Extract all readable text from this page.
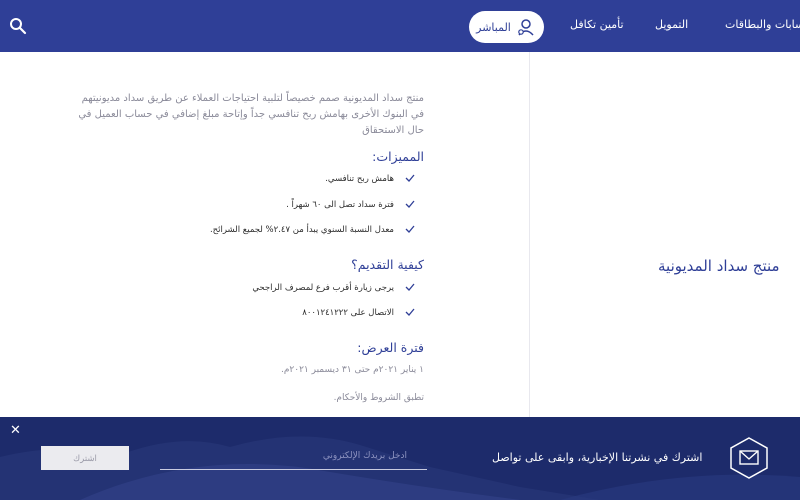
المباشر	تأمين تكافل	التمويل	حسابات والبطاقات
منتج سداد المديونية
منتج سداد المديونية صمم خصيصاً لتلبية احتياجات العملاء عن طريق سداد مديونيتهم في البنوك الأخرى بهامش ربح تنافسي جداً وإتاحة مبلغ إضافي في حساب العميل في حال الاستحقاق
المميزات:
هامش ربح تنافسي.
فترة سداد تصل الى ٦٠ شهراً .
معدل النسبة السنوي يبدأ من ٢.٤٧% لجميع الشرائح.
كيفية التقديم؟
يرجى زيارة أقرب فرع لمصرف الراجحي
الاتصال على ٨٠٠١٢٤١٢٢٢
فترة العرض:
١ يناير ٢٠٢١م حتى ٣١ ديسمبر ٢٠٢١م.
تطبق الشروط والأحكام.
✕
اشترك
أدخل بريدك الإلكتروني	اشترك في نشرتنا الإخبارية، وابقى على تواصل
